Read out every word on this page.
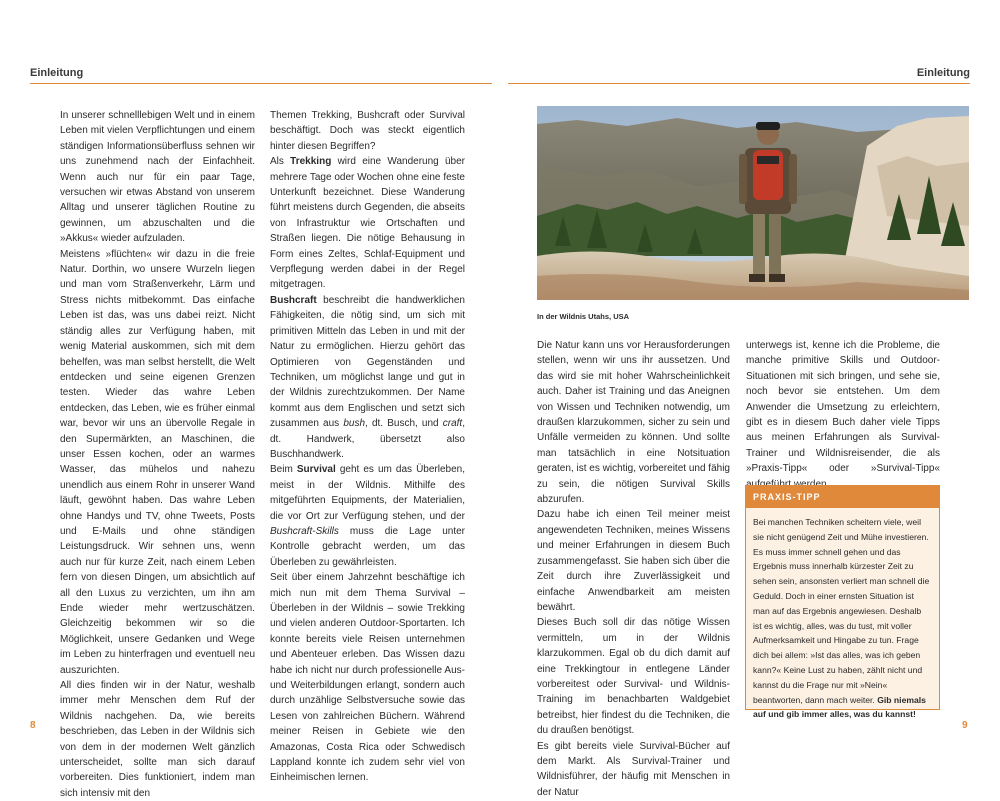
Einleitung	Einleitung

In unserer schnelllebigen Welt und in einem Leben mit vielen Verpflichtungen und einem ständigen Informationsüberfluss sehnen wir uns zunehmend nach der Einfachheit. Wenn auch nur für ein paar Tage, versuchen wir etwas Abstand von unserem Alltag und unserer täglichen Routine zu gewinnen, um abzuschalten und die »Akkus« wieder aufzuladen.

Meistens »flüchten« wir dazu in die freie Natur. Dorthin, wo unsere Wurzeln liegen und man vom Straßenverkehr, Lärm und Stress nichts mitbekommt. Das einfache Leben ist das, was uns dabei reizt. Nicht ständig alles zur Verfügung haben, mit wenig Material auskommen, sich mit dem behelfen, was man selbst herstellt, die Welt entdecken und seine eigenen Grenzen testen. Wieder das wahre Leben entdecken, das Leben, wie es früher einmal war, bevor wir uns an übervolle Regale in den Supermärkten, an Maschinen, die unser Essen kochen, oder an warmes Wasser, das mühelos und nahezu unendlich aus einem Rohr in unserer Wand läuft, gewöhnt haben. Das wahre Leben ohne Handys und TV, ohne Tweets, Posts und E-Mails und ohne ständigen Leistungsdruck. Wir sehnen uns, wenn auch nur für kurze Zeit, nach einem Leben fern von diesen Dingen, um absichtlich auf all den Luxus zu verzichten, um ihn am Ende wieder mehr wertzuschätzen. Gleichzeitig bekommen wir so die Möglichkeit, unsere Gedanken und Wege im Leben zu hinterfragen und eventuell neu auszurichten.

All dies finden wir in der Natur, weshalb immer mehr Menschen dem Ruf der Wildnis nachgehen. Da, wie bereits beschrieben, das Leben in der Wildnis sich von dem in der modernen Welt gänzlich unterscheidet, sollte man sich darauf vorbereiten. Dies funktioniert, indem man sich intensiv mit den

Themen Trekking, Bushcraft oder Survival beschäftigt. Doch was steckt eigentlich hinter diesen Begriffen?

Als Trekking wird eine Wanderung über mehrere Tage oder Wochen ohne eine feste Unterkunft bezeichnet. Diese Wanderung führt meistens durch Gegenden, die abseits von Infrastruktur wie Ortschaften und Straßen liegen. Die nötige Behausung in Form eines Zeltes, Schlaf-Equipment und Verpflegung werden dabei in der Regel mitgetragen.

Bushcraft beschreibt die handwerklichen Fähigkeiten, die nötig sind, um sich mit primitiven Mitteln das Leben in und mit der Natur zu ermöglichen. Hierzu gehört das Optimieren von Gegenständen und Techniken, um möglichst lange und gut in der Wildnis zurechtzukommen. Der Name kommt aus dem Englischen und setzt sich zusammen aus bush, dt. Busch, und craft, dt. Handwerk, übersetzt also Buschhandwerk.

Beim Survival geht es um das Überleben, meist in der Wildnis. Mithilfe des mitgeführten Equipments, der Materialien, die vor Ort zur Verfügung stehen, und der Bushcraft-Skills muss die Lage unter Kontrolle gebracht werden, um das Überleben zu gewährleisten.

Seit über einem Jahrzehnt beschäftige ich mich nun mit dem Thema Survival – Überleben in der Wildnis – sowie Trekking und vielen anderen Outdoor-Sportarten. Ich konnte bereits viele Reisen unternehmen und Abenteuer erleben. Das Wissen dazu habe ich nicht nur durch professionelle Aus- und Weiterbildungen erlangt, sondern auch durch unzählige Selbstversuche sowie das Lesen von zahlreichen Büchern. Während meiner Reisen in Gebiete wie den Amazonas, Costa Rica oder Schwedisch Lappland konnte ich zudem sehr viel von Einheimischen lernen.

In der Wildnis Utahs, USA

Die Natur kann uns vor Herausforderungen stellen, wenn wir uns ihr aussetzen. Und das wird sie mit hoher Wahrscheinlichkeit auch. Daher ist Training und das Aneignen von Wissen und Techniken notwendig, um draußen klarzukommen, sicher zu sein und Unfälle vermeiden zu können. Und sollte man tatsächlich in eine Notsituation geraten, ist es wichtig, vorbereitet und fähig zu sein, die nötigen Survival Skills abzurufen.

Dazu habe ich einen Teil meiner meist angewendeten Techniken, meines Wissens und meiner Erfahrungen in diesem Buch zusammengefasst. Sie haben sich über die Zeit durch ihre Zuverlässigkeit und einfache Anwendbarkeit am meisten bewährt.

Dieses Buch soll dir das nötige Wissen vermitteln, um in der Wildnis klarzukommen. Egal ob du dich damit auf eine Trekkingtour in entlegene Länder vorbereitest oder Survival- und Wildnis-Training im benachbarten Waldgebiet betreibst, hier findest du die Techniken, die du draußen benötigst.

Es gibt bereits viele Survival-Bücher auf dem Markt. Als Survival-Trainer und Wildnisführer, der häufig mit Menschen in der Natur

unterwegs ist, kenne ich die Probleme, die manche primitive Skills und Outdoor-Situationen mit sich bringen, und sehe sie, noch bevor sie entstehen. Um dem Anwender die Umsetzung zu erleichtern, gibt es in diesem Buch daher viele Tipps aus meinen Erfahrungen als Survival-Trainer und Wildnisreisender, die als »Praxis-Tipp« oder »Survival-Tipp«

PRAXIS-TIPP

Bei manchen Techniken scheitern viele, weil sie nicht genügend Zeit und Mühe investieren. Es muss immer schnell gehen und das Ergebnis muss innerhalb kürzester Zeit zu sehen sein, ansonsten verliert man schnell die Geduld. Doch in einer ernsten Situation ist man auf das Ergebnis angewiesen. Deshalb ist es wichtig, alles, was du tust, mit voller Aufmerksamkeit und Hingabe zu tun. Frage dich bei allem: »Ist das alles, was ich geben kann?« Keine Lust zu haben, zählt nicht und kannst du die Frage nur mit »Nein« beantworten, dann mach weiter. Gib niemals auf und gib immer alles, was du kannst!

8	9
